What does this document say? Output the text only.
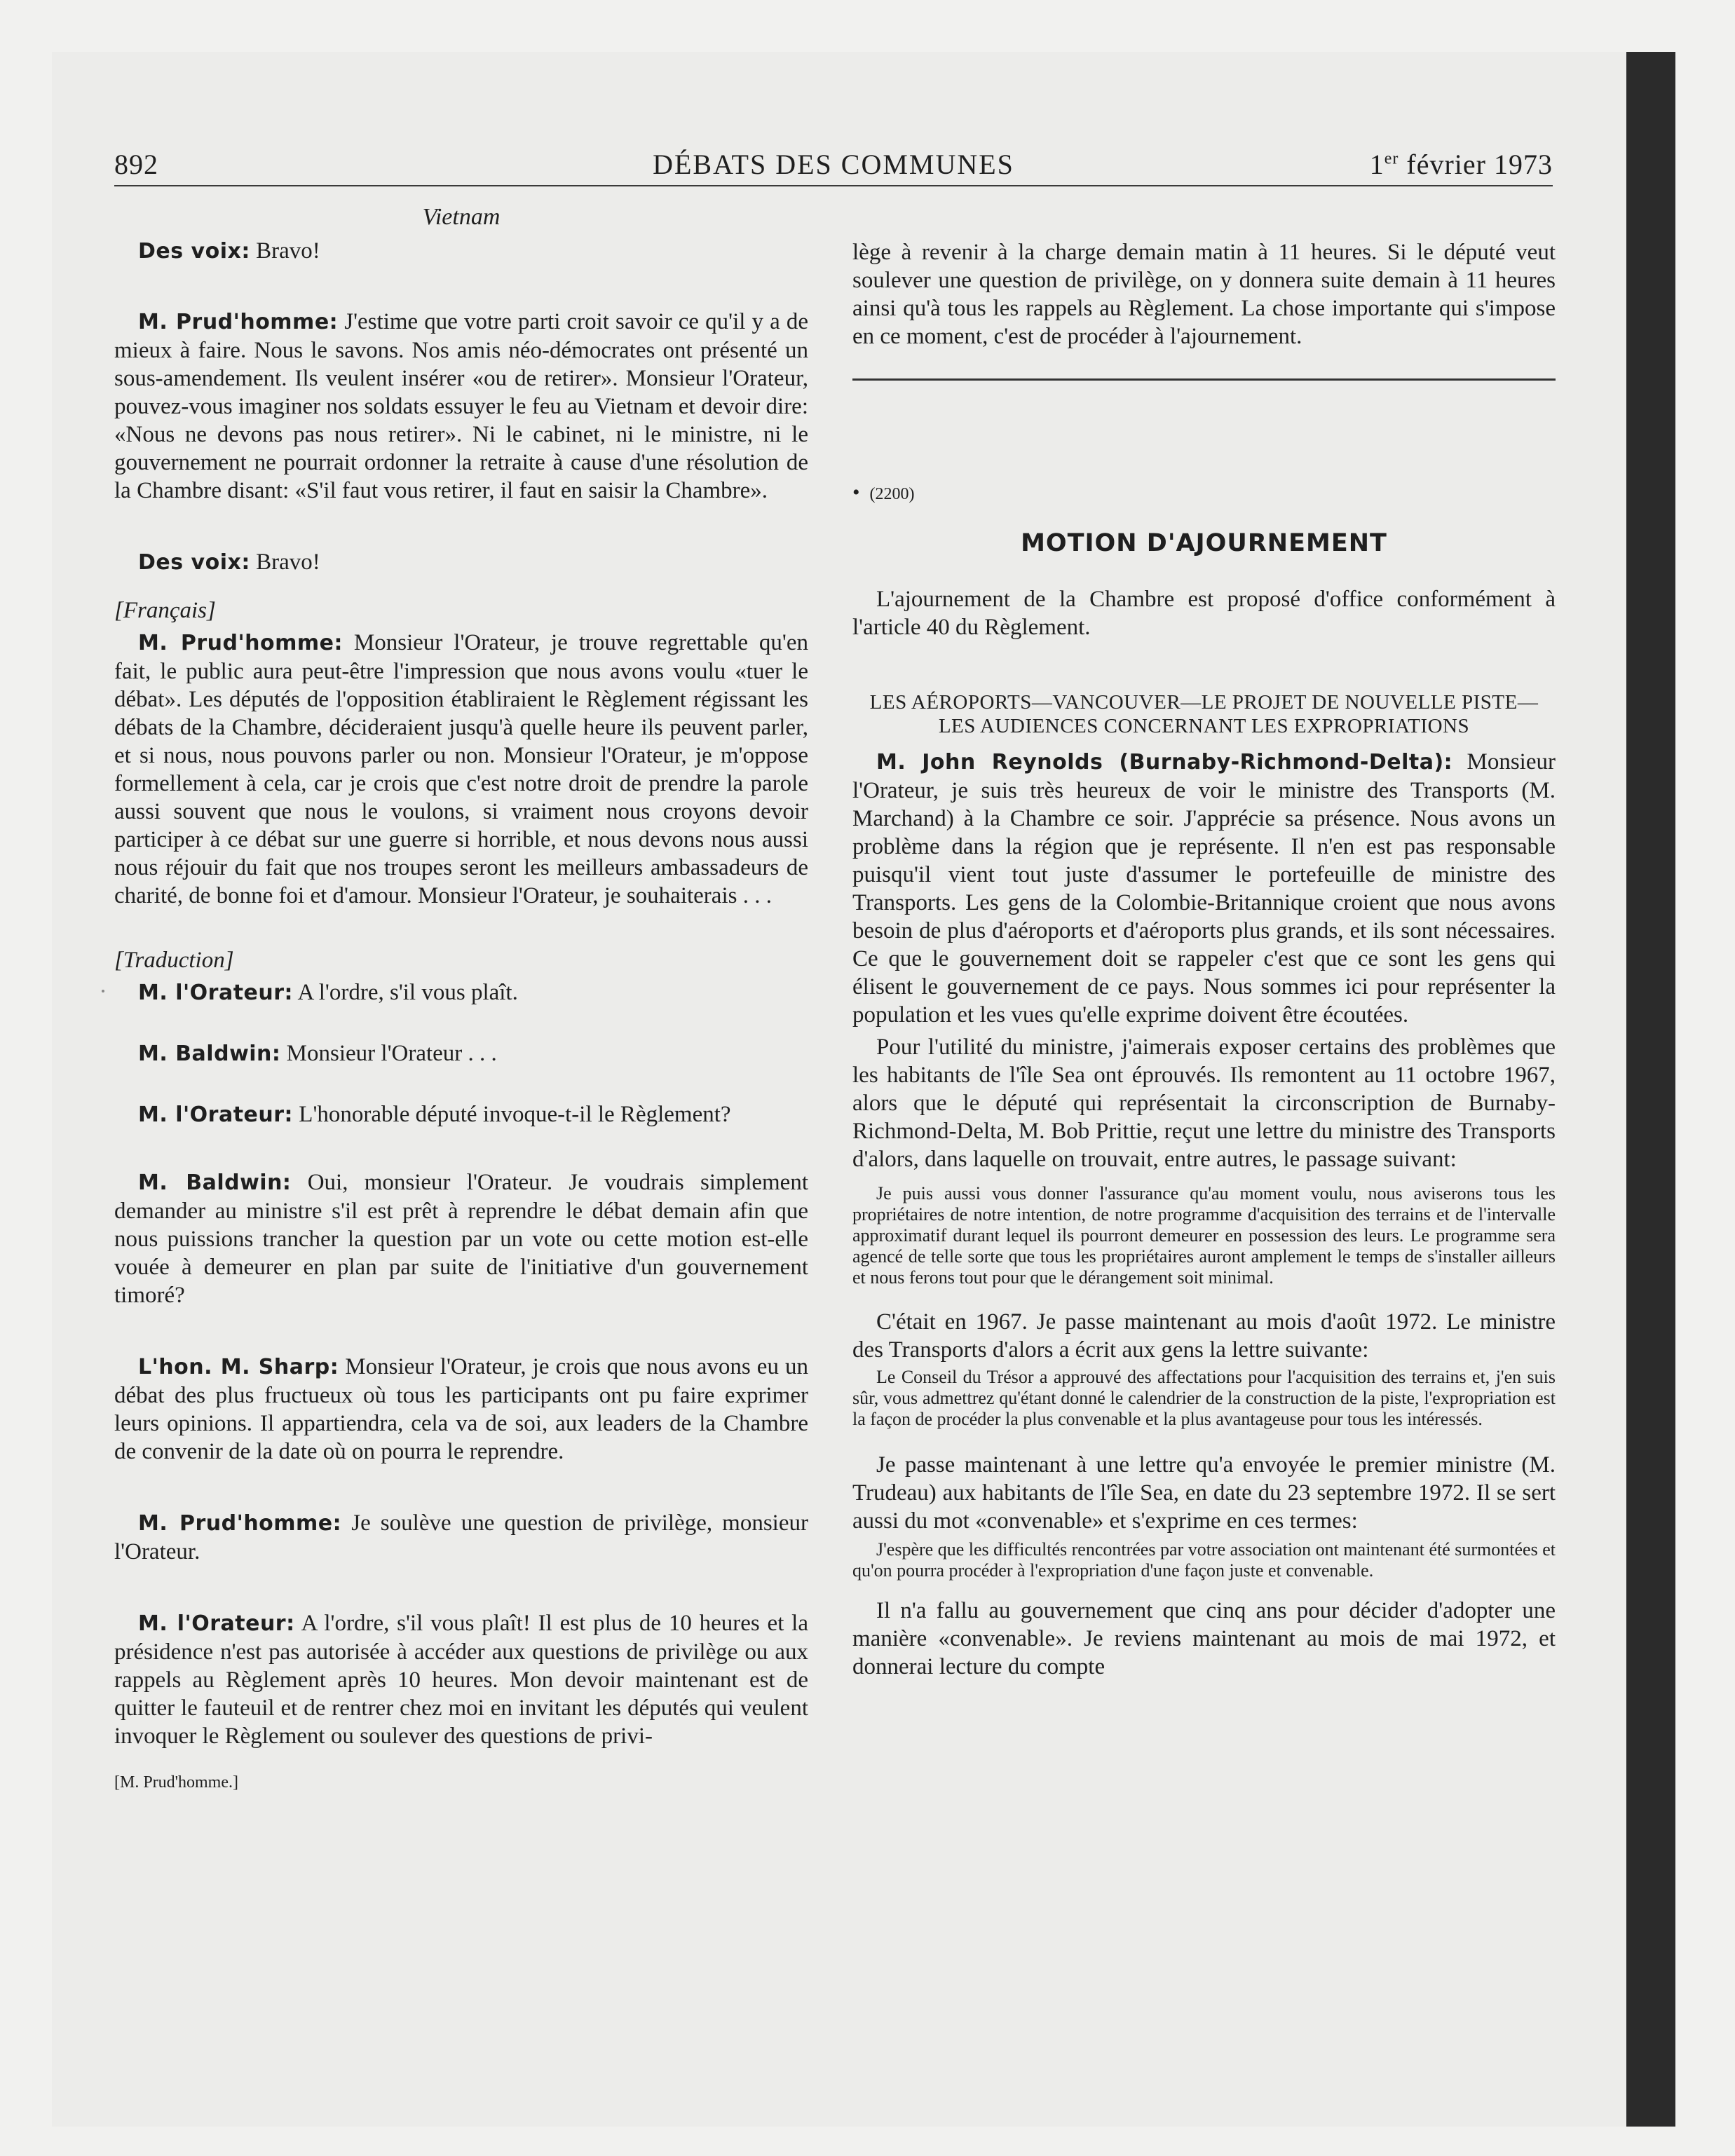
892	DÉBATS DES COMMUNES	1er février 1973

Vietnam

Des voix: Bravo!

M. Prud'homme: J'estime que votre parti croit savoir ce qu'il y a de mieux à faire. Nous le savons. Nos amis néo-démocrates ont présenté un sous-amendement. Ils veulent insérer «ou de retirer». Monsieur l'Orateur, pouvez-vous imaginer nos soldats essuyer le feu au Vietnam et devoir dire: «Nous ne devons pas nous retirer». Ni le cabinet, ni le ministre, ni le gouvernement ne pourrait ordonner la retraite à cause d'une résolution de la Chambre disant: «S'il faut vous retirer, il faut en saisir la Chambre».

Des voix: Bravo!

[Français]

M. Prud'homme: Monsieur l'Orateur, je trouve regrettable qu'en fait, le public aura peut-être l'impression que nous avons voulu «tuer le débat». Les députés de l'opposition établiraient le Règlement régissant les débats de la Chambre, décideraient jusqu'à quelle heure ils peuvent parler, et si nous, nous pouvons parler ou non. Monsieur l'Orateur, je m'oppose formellement à cela, car je crois que c'est notre droit de prendre la parole aussi souvent que nous le voulons, si vraiment nous croyons devoir participer à ce débat sur une guerre si horrible, et nous devons nous aussi nous réjouir du fait que nos troupes seront les meilleurs ambassadeurs de charité, de bonne foi et d'amour. Monsieur l'Orateur, je souhaiterais . . .

[Traduction]

M. l'Orateur: A l'ordre, s'il vous plaît.

M. Baldwin: Monsieur l'Orateur . . .

M. l'Orateur: L'honorable député invoque-t-il le Règlement?

M. Baldwin: Oui, monsieur l'Orateur. Je voudrais simplement demander au ministre s'il est prêt à reprendre le débat demain afin que nous puissions trancher la question par un vote ou cette motion est-elle vouée à demeurer en plan par suite de l'initiative d'un gouvernement timoré?

L'hon. M. Sharp: Monsieur l'Orateur, je crois que nous avons eu un débat des plus fructueux où tous les participants ont pu faire exprimer leurs opinions. Il appartiendra, cela va de soi, aux leaders de la Chambre de convenir de la date où on pourra le reprendre.

M. Prud'homme: Je soulève une question de privilège, monsieur l'Orateur.

M. l'Orateur: A l'ordre, s'il vous plaît! Il est plus de 10 heures et la présidence n'est pas autorisée à accéder aux questions de privilège ou aux rappels au Règlement après 10 heures. Mon devoir maintenant est de quitter le fauteuil et de rentrer chez moi en invitant les députés qui veulent invoquer le Règlement ou soulever des questions de privi-

[M. Prud'homme.]

lège à revenir à la charge demain matin à 11 heures. Si le député veut soulever une question de privilège, on y donnera suite demain à 11 heures ainsi qu'à tous les rappels au Règlement. La chose importante qui s'impose en ce moment, c'est de procéder à l'ajournement.

• (2200)

MOTION D'AJOURNEMENT

L'ajournement de la Chambre est proposé d'office conformément à l'article 40 du Règlement.

LES AÉROPORTS—VANCOUVER—LE PROJET DE NOUVELLE PISTE—LES AUDIENCES CONCERNANT LES EXPROPRIATIONS

M. John Reynolds (Burnaby-Richmond-Delta): Monsieur l'Orateur, je suis très heureux de voir le ministre des Transports (M. Marchand) à la Chambre ce soir. J'apprécie sa présence. Nous avons un problème dans la région que je représente. Il n'en est pas responsable puisqu'il vient tout juste d'assumer le portefeuille de ministre des Transports. Les gens de la Colombie-Britannique croient que nous avons besoin de plus d'aéroports et d'aéroports plus grands, et ils sont nécessaires. Ce que le gouvernement doit se rappeler c'est que ce sont les gens qui élisent le gouvernement de ce pays. Nous sommes ici pour représenter la population et les vues qu'elle exprime doivent être écoutées.

Pour l'utilité du ministre, j'aimerais exposer certains des problèmes que les habitants de l'île Sea ont éprouvés. Ils remontent au 11 octobre 1967, alors que le député qui représentait la circonscription de Burnaby-Richmond-Delta, M. Bob Prittie, reçut une lettre du ministre des Transports d'alors, dans laquelle on trouvait, entre autres, le passage suivant:

Je puis aussi vous donner l'assurance qu'au moment voulu, nous aviserons tous les propriétaires de notre intention, de notre programme d'acquisition des terrains et de l'intervalle approximatif durant lequel ils pourront demeurer en possession des leurs. Le programme sera agencé de telle sorte que tous les propriétaires auront amplement le temps de s'installer ailleurs et nous ferons tout pour que le dérangement soit minimal.

C'était en 1967. Je passe maintenant au mois d'août 1972. Le ministre des Transports d'alors a écrit aux gens la lettre suivante:

Le Conseil du Trésor a approuvé des affectations pour l'acquisition des terrains et, j'en suis sûr, vous admettrez qu'étant donné le calendrier de la construction de la piste, l'expropriation est la façon de procéder la plus convenable et la plus avantageuse pour tous les intéressés.

Je passe maintenant à une lettre qu'a envoyée le premier ministre (M. Trudeau) aux habitants de l'île Sea, en date du 23 septembre 1972. Il se sert aussi du mot «convenable» et s'exprime en ces termes:

J'espère que les difficultés rencontrées par votre association ont maintenant été surmontées et qu'on pourra procéder à l'expropriation d'une façon juste et convenable.

Il n'a fallu au gouvernement que cinq ans pour décider d'adopter une manière «convenable». Je reviens maintenant au mois de mai 1972, et donnerai lecture du compte
